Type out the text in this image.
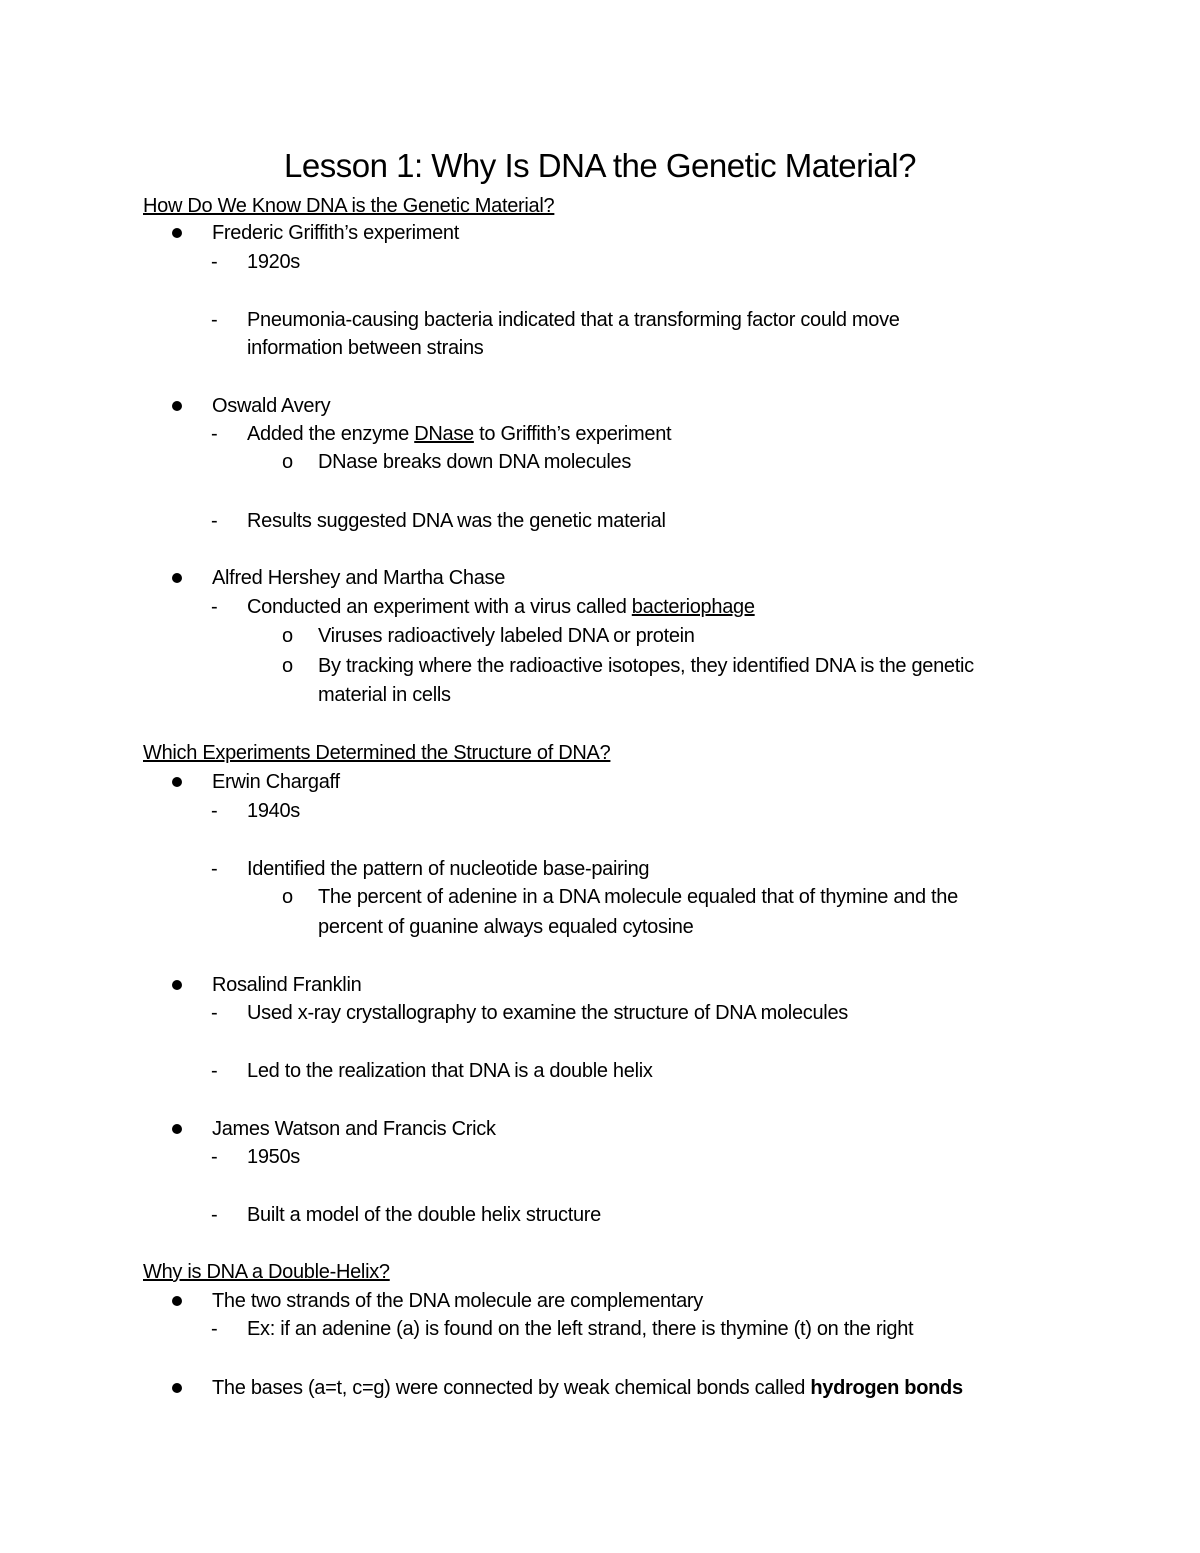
Lesson 1: Why Is DNA the Genetic Material?
How Do We Know DNA is the Genetic Material?
Frederic Griffith’s experiment
- 1920s
- Pneumonia-causing bacteria indicated that a transforming factor could move
information between strains
Oswald Avery
- Added the enzyme DNase to Griffith’s experiment
o DNase breaks down DNA molecules
- Results suggested DNA was the genetic material
Alfred Hershey and Martha Chase
- Conducted an experiment with a virus called bacteriophage
o Viruses radioactively labeled DNA or protein
o By tracking where the radioactive isotopes, they identified DNA is the genetic
material in cells
Which Experiments Determined the Structure of DNA?
Erwin Chargaff
- 1940s
- Identified the pattern of nucleotide base-pairing
o The percent of adenine in a DNA molecule equaled that of thymine and the
percent of guanine always equaled cytosine
Rosalind Franklin
- Used x-ray crystallography to examine the structure of DNA molecules
- Led to the realization that DNA is a double helix
James Watson and Francis Crick
- 1950s
- Built a model of the double helix structure
Why is DNA a Double-Helix?
The two strands of the DNA molecule are complementary
- Ex: if an adenine (a) is found on the left strand, there is thymine (t) on the right
The bases (a=t, c=g) were connected by weak chemical bonds called hydrogen bonds
